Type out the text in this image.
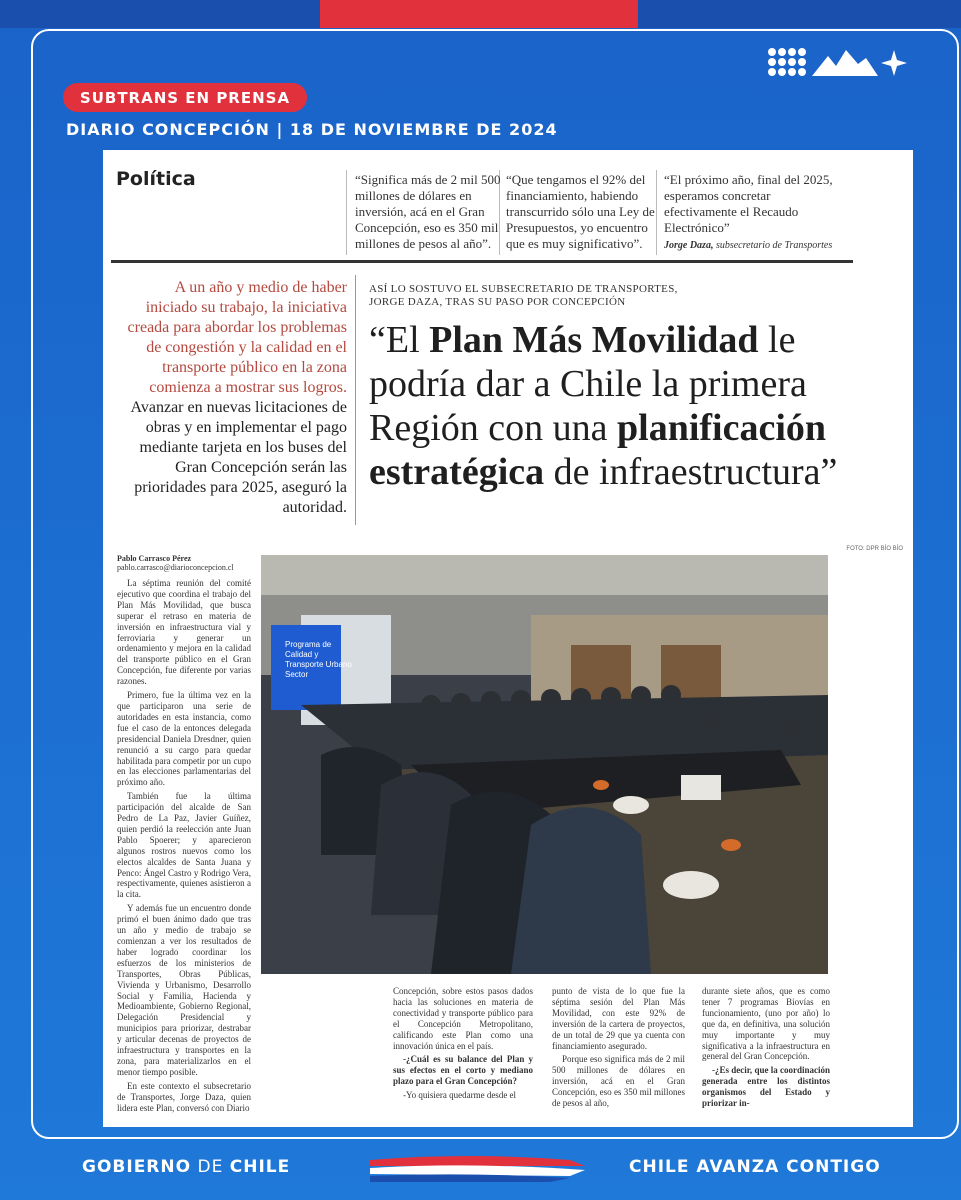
SUBTRANS EN PRENSA
DIARIO CONCEPCIÓN | 18 DE NOVIEMBRE DE 2024
Política	“Significa más de 2 mil 500 millones de dólares en inversión, acá en el Gran Concepción, eso es 350 mil millones de pesos al año”.
“Que tengamos el 92% del financiamiento, habiendo transcurrido sólo una Ley de Presupuestos, yo encuentro que es muy significativo”.
“El próximo año, final del 2025, esperamos concretar efectivamente el Recaudo Electrónico”
Jorge Daza, subsecretario de Transportes
A un año y medio de haber iniciado su trabajo, la iniciativa creada para abordar los problemas de congestión y la calidad en el transporte público en la zona comienza a mostrar sus logros. Avanzar en nuevas licitaciones de obras y en implementar el pago mediante tarjeta en los buses del Gran Concepción serán las prioridades para 2025, aseguró la autoridad.
ASÍ LO SOSTUVO EL SUBSECRETARIO DE TRANSPORTES,
JORGE DAZA, TRAS SU PASO POR CONCEPCIÓN
“El Plan Más Movilidad le podría dar a Chile la primera Región con una planificación estratégica de infraestructura”
FOTO: DPR BÍO BÍO
Pablo Carrasco Pérez
pablo.carrasco@diarioconcepcion.cl

La séptima reunión del comité ejecutivo que coordina el trabajo del Plan Más Movilidad, que busca superar el retraso en materia de inversión en infraestructura vial y ferroviaria y generar un ordenamiento y mejora en la calidad del transporte público en el Gran Concepción, fue diferente por varias razones.

Primero, fue la última vez en la que participaron una serie de autoridades en esta instancia, como fue el caso de la entonces delegada presidencial Daniela Dresdner, quien renunció a su cargo para quedar habilitada para competir por un cupo en las elecciones parlamentarias del próximo año.

También fue la última participación del alcalde de San Pedro de La Paz, Javier Guíñez, quien perdió la reelección ante Juan Pablo Spoerer; y aparecieron algunos rostros nuevos como los electos alcaldes de Santa Juana y Penco: Ángel Castro y Rodrigo Vera, respectivamente, quienes asistieron a la cita.

Y además fue un encuentro donde primó el buen ánimo dado que tras un año y medio de trabajo se comienzan a ver los resultados de haber logrado coordinar los esfuerzos de los ministerios de Transportes, Obras Públicas, Vivienda y Urbanismo, Desarrollo Social y Familia, Hacienda y Medioambiente, Gobierno Regional, Delegación Presidencial y municipios para priorizar, destrabar y articular decenas de proyectos de infraestructura y transportes en la zona, para materializarlos en el menor tiempo posible.

En este contexto el subsecretario de Transportes, Jorge Daza, quien lidera este Plan, conversó con Diario

Programa de
Calidad y
Transporte Urbano
Sector

Concepción, sobre estos pasos dados hacia las soluciones en materia de conectividad y transporte público para el Concepción Metropolitano, calificando este Plan como una innovación única en el país.

-¿Cuál es su balance del Plan y sus efectos en el corto y mediano plazo para el Gran Concepción?

-Yo quisiera quedarme desde el

punto de vista de lo que fue la séptima sesión del Plan Más Movilidad, con este 92% de inversión de la cartera de proyectos, de un total de 29 que ya cuenta con financiamiento asegurado.

Porque eso significa más de 2 mil 500 millones de dólares en inversión, acá en el Gran Concepción, eso es 350 mil millones de pesos al año,

durante siete años, que es como tener 7 programas Biovías en funcionamiento, (uno por año) lo que da, en definitiva, una solución muy importante y muy significativa a la infraestructura en general del Gran Concepción.

-¿Es decir, que la coordinación generada entre los distintos organismos del Estado y priorizar in-

GOBIERNO DE CHILE	CHILE AVANZA CONTIGO
